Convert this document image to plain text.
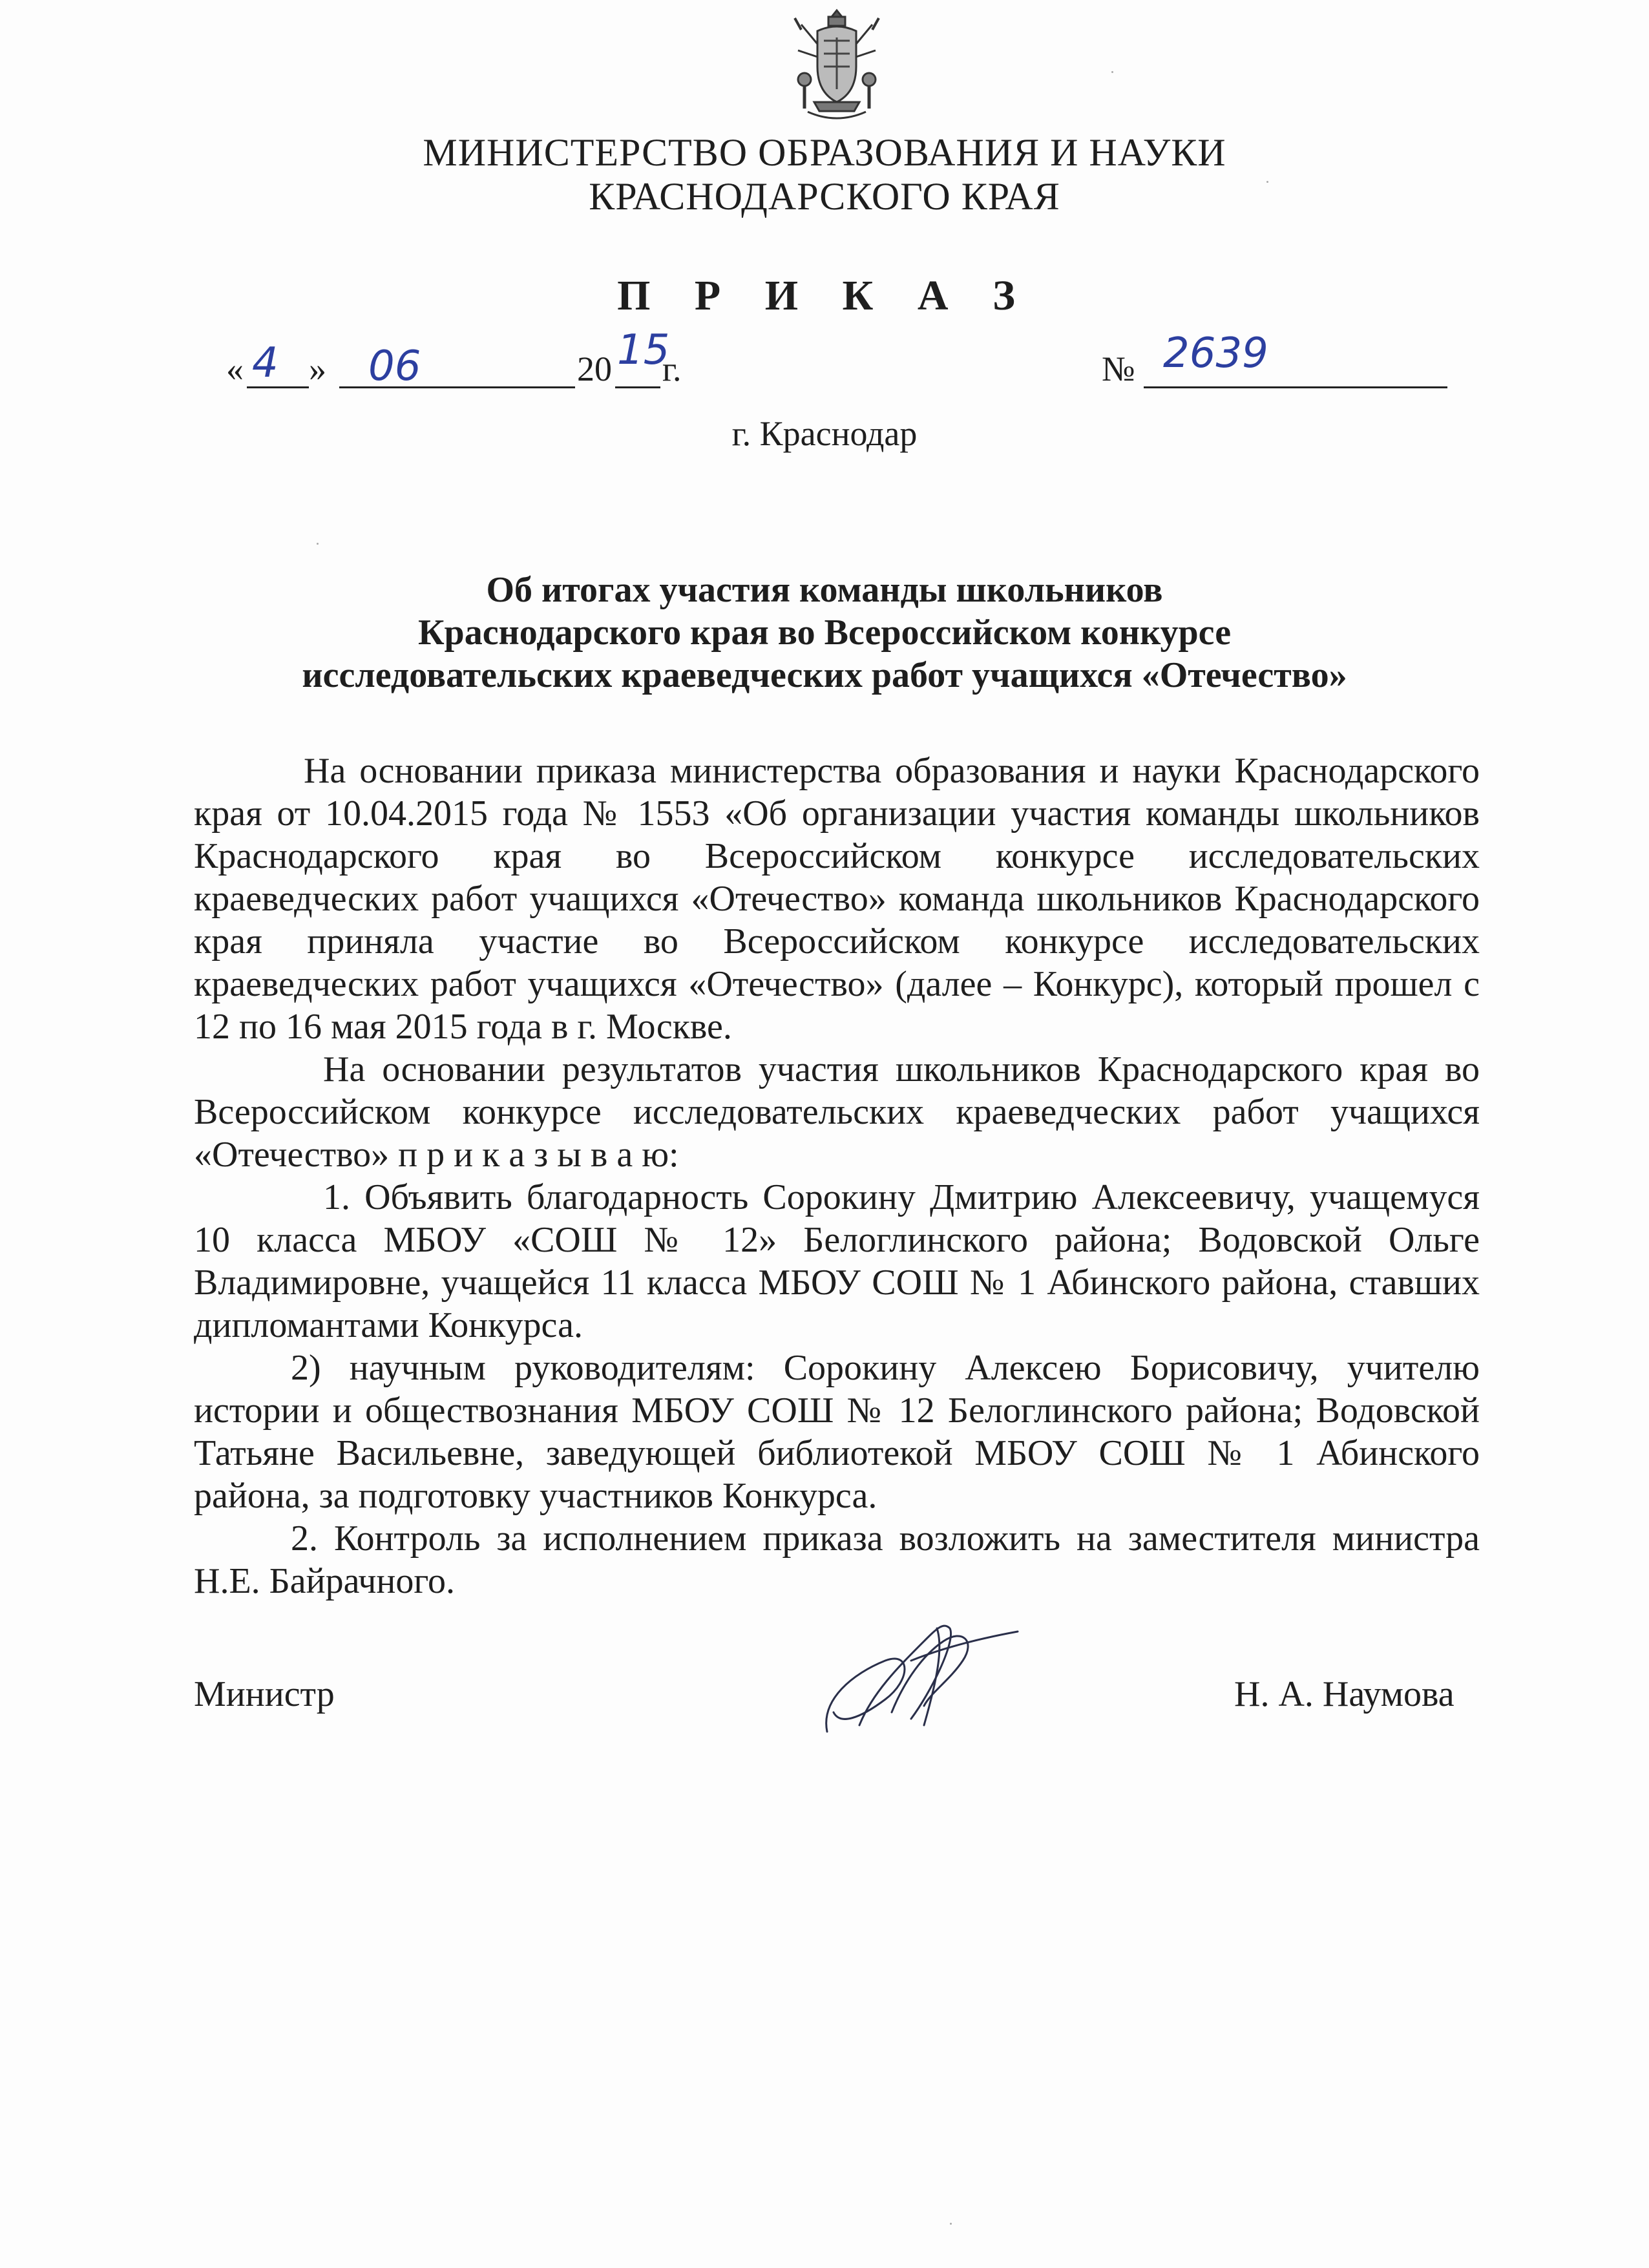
МИНИСТЕРСТВО ОБРАЗОВАНИЯ И НАУКИ
КРАСНОДАРСКОГО КРАЯ
П Р И К А З
« 4 » 06	20 15
г.	№ 2639
г. Краснодар
Об итогах участия команды школьников
Краснодарского края во Всероссийском конкурсе
исследовательских краеведческих работ учащихся «Отечество»

На основании приказа министерства образования и науки Краснодарского края от 10.04.2015 года № 1553 «Об организации участия команды школьников Краснодарского края во Всероссийском конкурсе исследовательских краеведческих работ учащихся «Отечество» команда школьников Краснодарского края приняла участие во Всероссийском конкурсе исследовательских краеведческих работ учащихся «Отечество» (далее – Конкурс), который прошел с 12 по 16 мая 2015 года в г. Москве.

На основании результатов участия школьников Краснодарского края во Всероссийском конкурсе исследовательских краеведческих работ учащихся «Отечество» п р и к а з ы в а ю:

1. Объявить благодарность Сорокину Дмитрию Алексеевичу, учащемуся 10 класса МБОУ «СОШ № 12» Белоглинского района; Водовской Ольге Владимировне, учащейся 11 класса МБОУ СОШ № 1 Абинского района, ставших дипломантами Конкурса.

2) научным руководителям: Сорокину Алексею Борисовичу, учителю истории и обществознания МБОУ СОШ № 12 Белоглинского района; Водовской Татьяне Васильевне, заведующей библиотекой МБОУ СОШ № 1 Абинского района, за подготовку участников Конкурса.

2. Контроль за исполнением приказа возложить на заместителя министра Н.Е. Байрачного.

Министр	Н. А. Наумова
